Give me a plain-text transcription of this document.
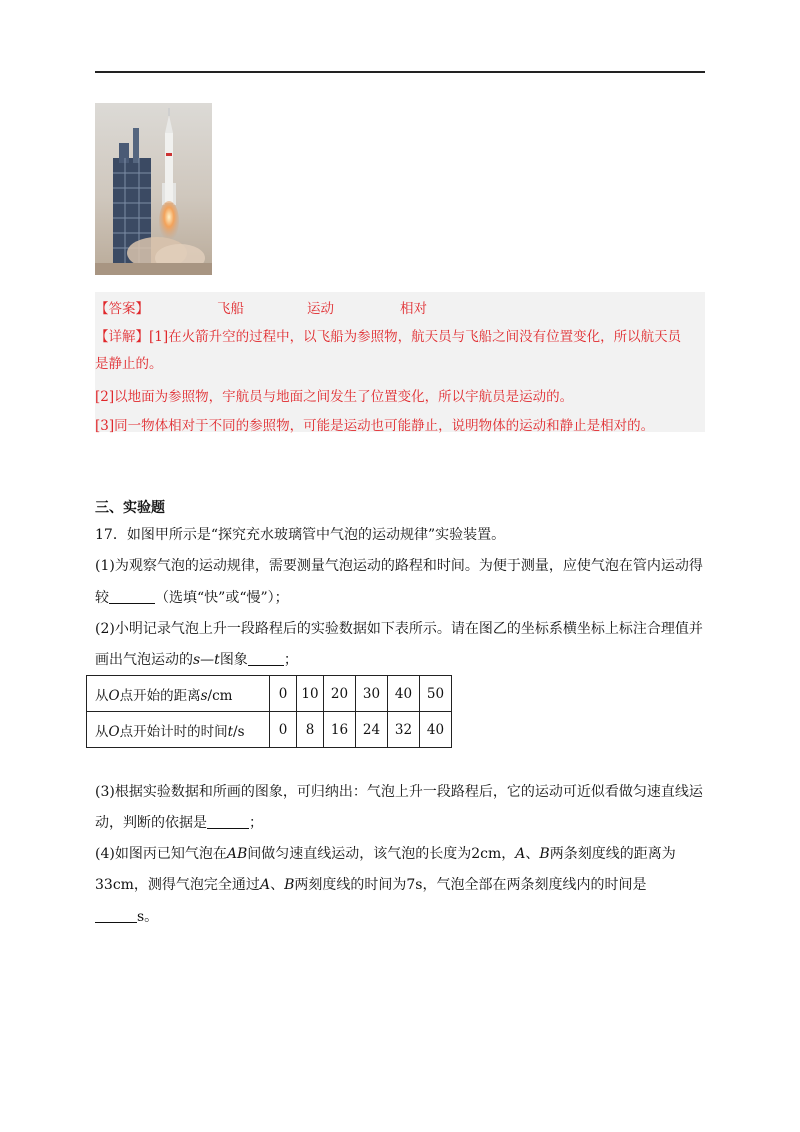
【答案】	飞船	运动	相对
【详解】[1]在火箭升空的过程中，以飞船为参照物，航天员与飞船之间没有位置变化，所以航天员
是静止的。
[2]以地面为参照物，宇航员与地面之间发生了位置变化，所以宇航员是运动的。
[3]同一物体相对于不同的参照物，可能是运动也可能静止，说明物体的运动和静止是相对的。
三、实验题
17．如图甲所示是“探究充水玻璃管中气泡的运动规律”实验装置。
(1)为观察气泡的运动规律，需要测量气泡运动的路程和时间。为便于测量，应使气泡在管内运动得
较	（选填“快”或“慢”）；
(2)小明记录气泡上升一段路程后的实验数据如下表所示。请在图乙的坐标系横坐标上标注合理值并
画出气泡运动的s—t图象	；
从O点开始的距离s/cm	0	10	20	30	40	50
从O点开始计时的时间t/s	0	8	16	24	32	40
(3)根据实验数据和所画的图象，可归纳出：气泡上升一段路程后，它的运动可近似看做匀速直线运
动，判断的依据是	；
(4)如图丙已知气泡在AB间做匀速直线运动，该气泡的长度为2cm，A、B两条刻度线的距离为
33cm，测得气泡完全通过A、B两刻度线的时间为7s，气泡全部在两条刻度线内的时间是
s。
